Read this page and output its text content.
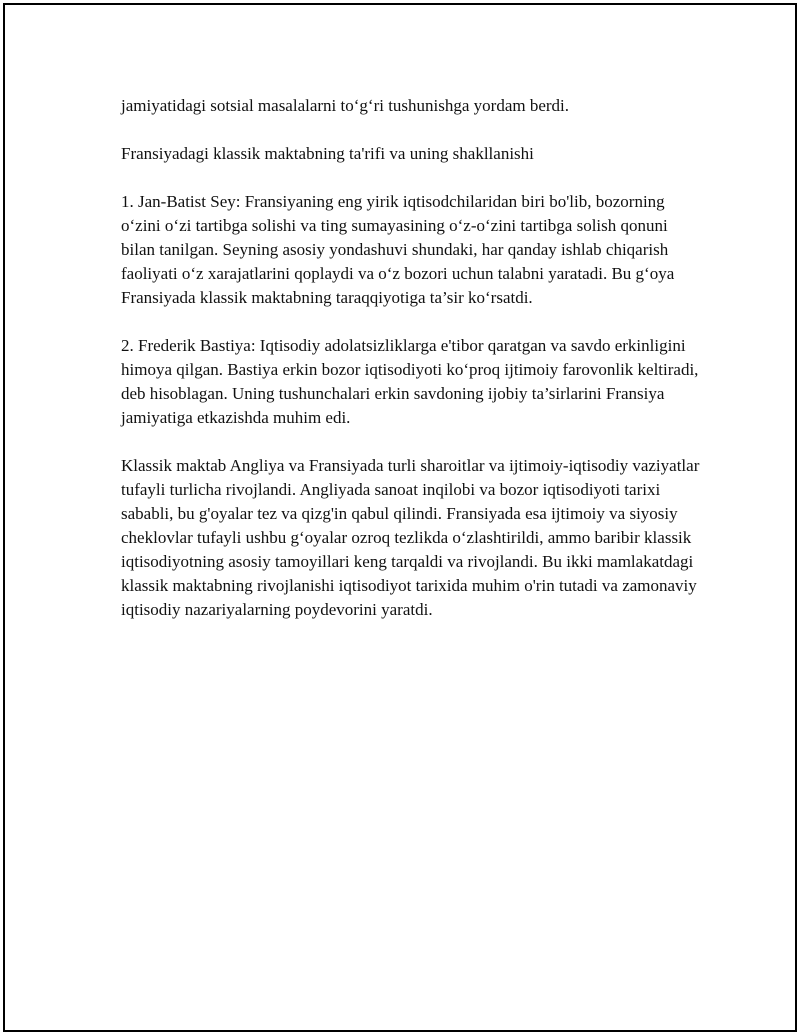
jamiyatidagi sotsial masalalarni to‘g‘ri tushunishga yordam berdi.

Fransiyadagi klassik maktabning ta'rifi va uning shakllanishi

1. Jan-Batist Sey: Fransiyaning eng yirik iqtisodchilaridan biri bo'lib, bozorning o‘zini o‘zi tartibga solishi va ting sumayasining o‘z-o‘zini tartibga solish qonuni bilan tanilgan. Seyning asosiy yondashuvi shundaki, har qanday ishlab chiqarish faoliyati o‘z xarajatlarini qoplaydi va o‘z bozori uchun talabni yaratadi. Bu g‘oya Fransiyada klassik maktabning taraqqiyotiga ta’sir ko‘rsatdi.

2. Frederik Bastiya: Iqtisodiy adolatsizliklarga e'tibor qaratgan va savdo erkinligini himoya qilgan. Bastiya erkin bozor iqtisodiyoti ko‘proq ijtimoiy farovonlik keltiradi, deb hisoblagan. Uning tushunchalari erkin savdoning ijobiy ta’sirlarini Fransiya jamiyatiga etkazishda muhim edi.

Klassik maktab Angliya va Fransiyada turli sharoitlar va ijtimoiy-iqtisodiy vaziyatlar tufayli turlicha rivojlandi. Angliyada sanoat inqilobi va bozor iqtisodiyoti tarixi sababli, bu g'oyalar tez va qizg'in qabul qilindi. Fransiyada esa ijtimoiy va siyosiy cheklovlar tufayli ushbu g‘oyalar ozroq tezlikda o‘zlashtirildi, ammo baribir klassik iqtisodiyotning asosiy tamoyillari keng tarqaldi va rivojlandi. Bu ikki mamlakatdagi klassik maktabning rivojlanishi iqtisodiyot tarixida muhim o'rin tutadi va zamonaviy iqtisodiy nazariyalarning poydevorini yaratdi.
